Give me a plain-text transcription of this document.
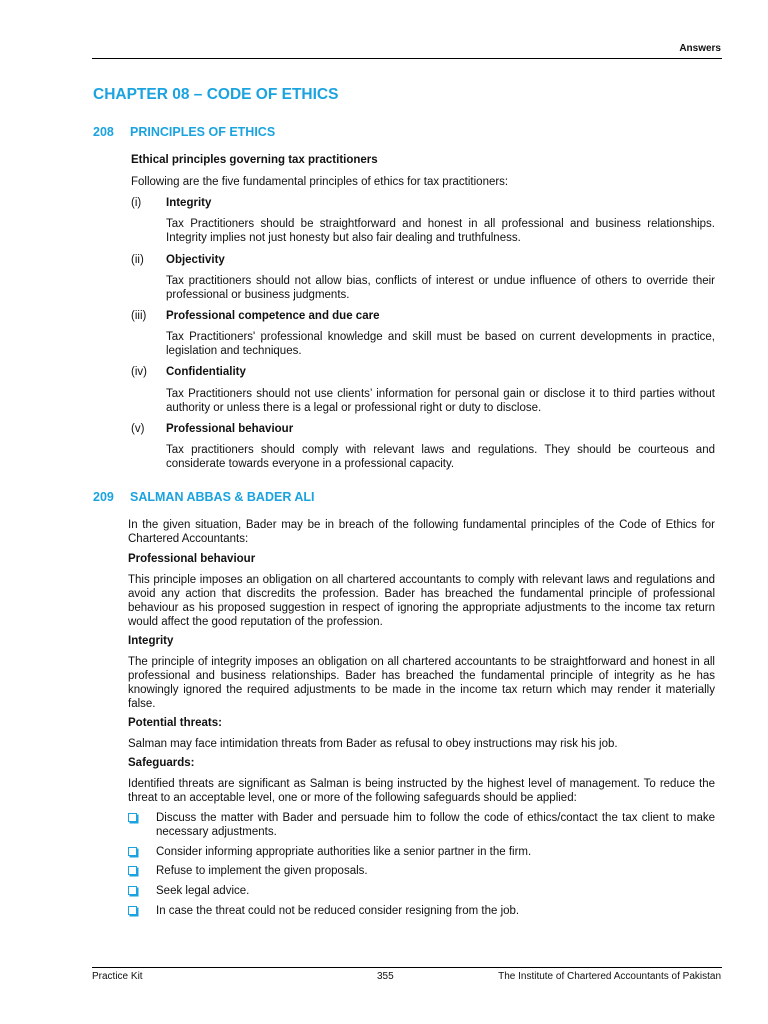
Answers
CHAPTER 08 – CODE OF ETHICS
208 PRINCIPLES OF ETHICS
Ethical principles governing tax practitioners
Following are the five fundamental principles of ethics for tax practitioners:
(i) Integrity
Tax Practitioners should be straightforward and honest in all professional and business relationships. Integrity implies not just honesty but also fair dealing and truthfulness.
(ii) Objectivity
Tax practitioners should not allow bias, conflicts of interest or undue influence of others to override their professional or business judgments.
(iii) Professional competence and due care
Tax Practitioners' professional knowledge and skill must be based on current developments in practice, legislation and techniques.
(iv) Confidentiality
Tax Practitioners should not use clients’ information for personal gain or disclose it to third parties without authority or unless there is a legal or professional right or duty to disclose.
(v) Professional behaviour
Tax practitioners should comply with relevant laws and regulations. They should be courteous and considerate towards everyone in a professional capacity.
209 SALMAN ABBAS & BADER ALI
In the given situation, Bader may be in breach of the following fundamental principles of the Code of Ethics for Chartered Accountants:
Professional behaviour
This principle imposes an obligation on all chartered accountants to comply with relevant laws and regulations and avoid any action that discredits the profession. Bader has breached the fundamental principle of professional behaviour as his proposed suggestion in respect of ignoring the appropriate adjustments to the income tax return would affect the good reputation of the profession.
Integrity
The principle of integrity imposes an obligation on all chartered accountants to be straightforward and honest in all professional and business relationships. Bader has breached the fundamental principle of integrity as he has knowingly ignored the required adjustments to be made in the income tax return which may render it materially false.
Potential threats:
Salman may face intimidation threats from Bader as refusal to obey instructions may risk his job.
Safeguards:
Identified threats are significant as Salman is being instructed by the highest level of management. To reduce the threat to an acceptable level, one or more of the following safeguards should be applied:
Discuss the matter with Bader and persuade him to follow the code of ethics/contact the tax client to make necessary adjustments.
Consider informing appropriate authorities like a senior partner in the firm.
Refuse to implement the given proposals.
Seek legal advice.
In case the threat could not be reduced consider resigning from the job.
Practice Kit	355	The Institute of Chartered Accountants of Pakistan
